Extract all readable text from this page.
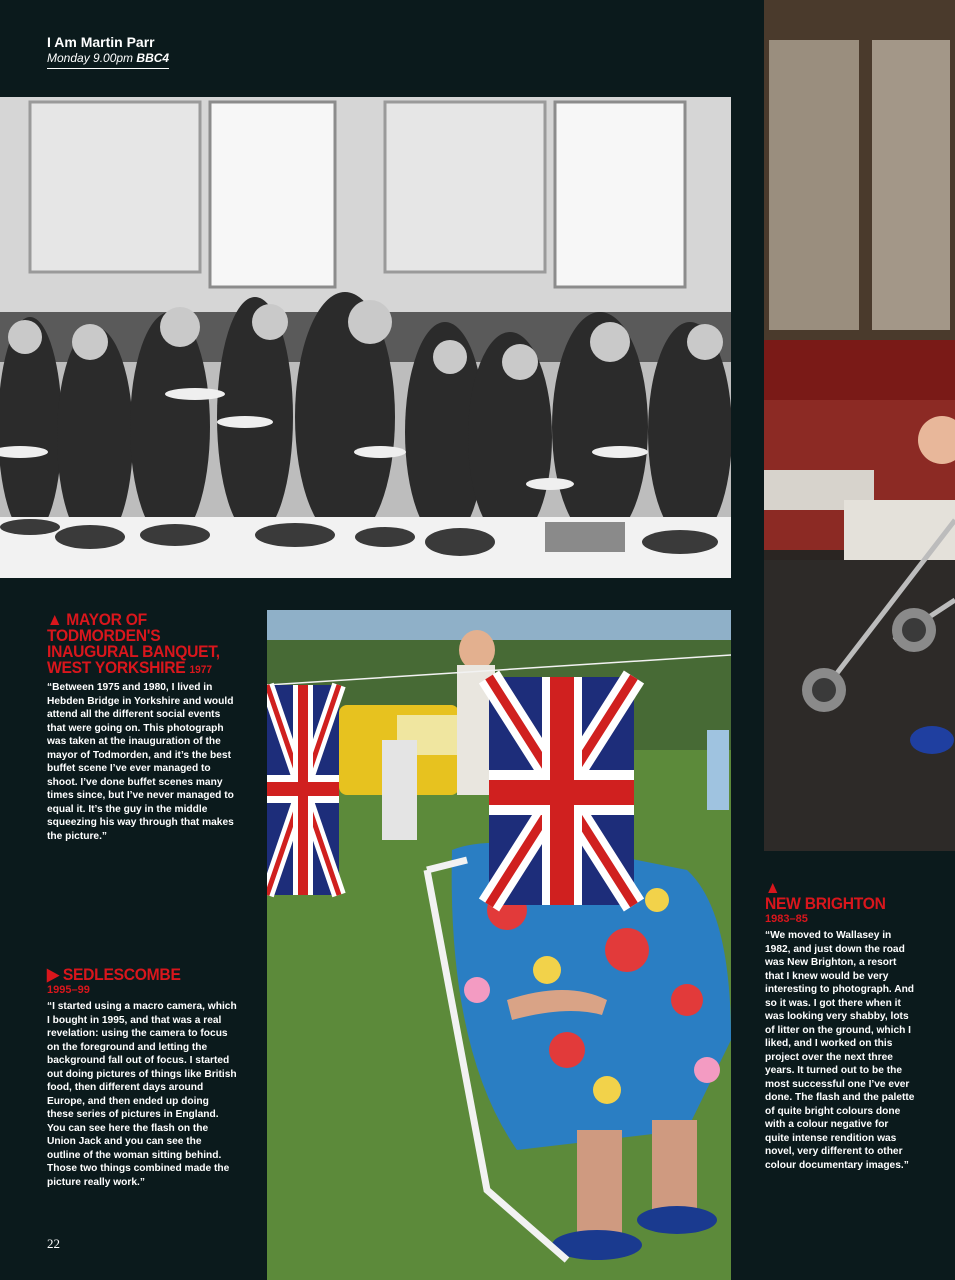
I Am Martin Parr
Monday 9.00pm BBC4
▲ MAYOR OF TODMORDEN'S INAUGURAL BANQUET, WEST YORKSHIRE 1977
“Between 1975 and 1980, I lived in Hebden Bridge in Yorkshire and would attend all the different social events that were going on. This photograph was taken at the inauguration of the mayor of Todmorden, and it’s the best buffet scene I’ve ever managed to shoot. I’ve done buffet scenes many times since, but I’ve never managed to equal it. It’s the guy in the middle squeezing his way through that makes the picture.”
▶ SEDLESCOMBE
1995–99
“I started using a macro camera, which I bought in 1995, and that was a real revelation: using the camera to focus on the foreground and letting the background fall out of focus. I started out doing pictures of things like British food, then different days around Europe, and then ended up doing these series of pictures in England. You can see here the flash on the Union Jack and you can see the outline of the woman sitting behind. Those two things combined made the picture really work.”
▲
NEW BRIGHTON
1983–85
“We moved to Wallasey in 1982, and just down the road was New Brighton, a resort that I knew would be very interesting to photograph. And so it was. I got there when it was looking very shabby, lots of litter on the ground, which I liked, and I worked on this project over the next three years. It turned out to be the most successful one I’ve ever done. The flash and the palette of quite bright colours done with a colour negative for quite intense rendition was novel, very different to other colour documentary images.”
22
